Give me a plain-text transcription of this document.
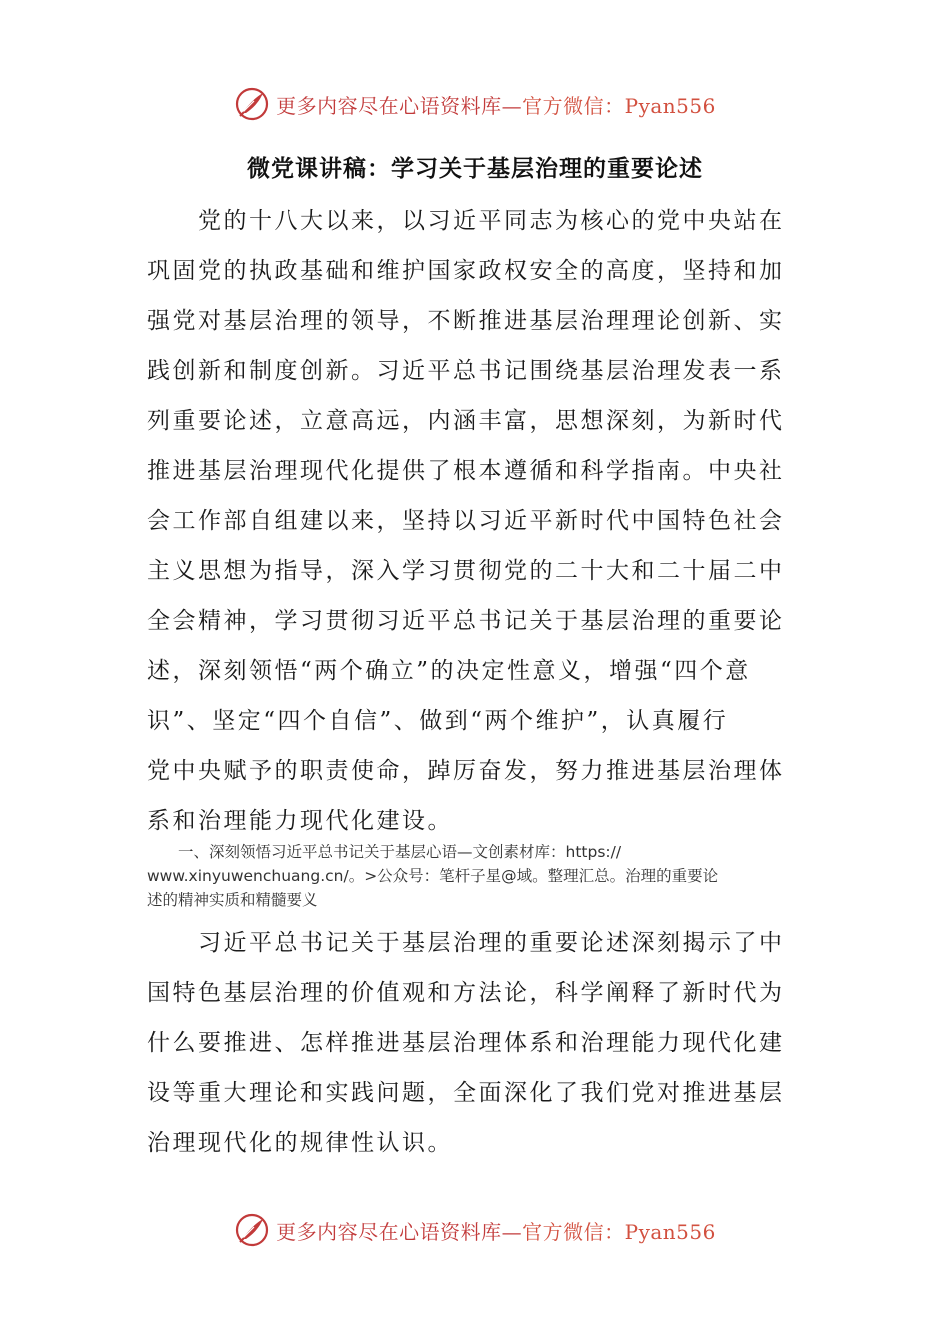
更多内容尽在心语资料库—官方微信：Pyan556
微党课讲稿：学习关于基层治理的重要论述
　　党的十八大以来，以习近平同志为核心的党中央站在
巩固党的执政基础和维护国家政权安全的高度，坚持和加
强党对基层治理的领导，不断推进基层治理理论创新、实
践创新和制度创新。习近平总书记围绕基层治理发表一系
列重要论述，立意高远，内涵丰富，思想深刻，为新时代
推进基层治理现代化提供了根本遵循和科学指南。中央社
会工作部自组建以来，坚持以习近平新时代中国特色社会
主义思想为指导，深入学习贯彻党的二十大和二十届二中
全会精神，学习贯彻习近平总书记关于基层治理的重要论
述，深刻领悟“两个确立”的决定性意义，增强“四个意
识”、坚定“四个自信”、做到“两个维护”，认真履行
党中央赋予的职责使命，踔厉奋发，努力推进基层治理体
系和治理能力现代化建设。
　　一、深刻领悟习近平总书记关于基层心语—文创素材库：https://
www.xinyuwenchuang.cn/。>公众号：笔杆子星@域。整理汇总。治理的重要论
述的精神实质和精髓要义
　　习近平总书记关于基层治理的重要论述深刻揭示了中
国特色基层治理的价值观和方法论，科学阐释了新时代为
什么要推进、怎样推进基层治理体系和治理能力现代化建
设等重大理论和实践问题，全面深化了我们党对推进基层
治理现代化的规律性认识。
更多内容尽在心语资料库—官方微信：Pyan556
